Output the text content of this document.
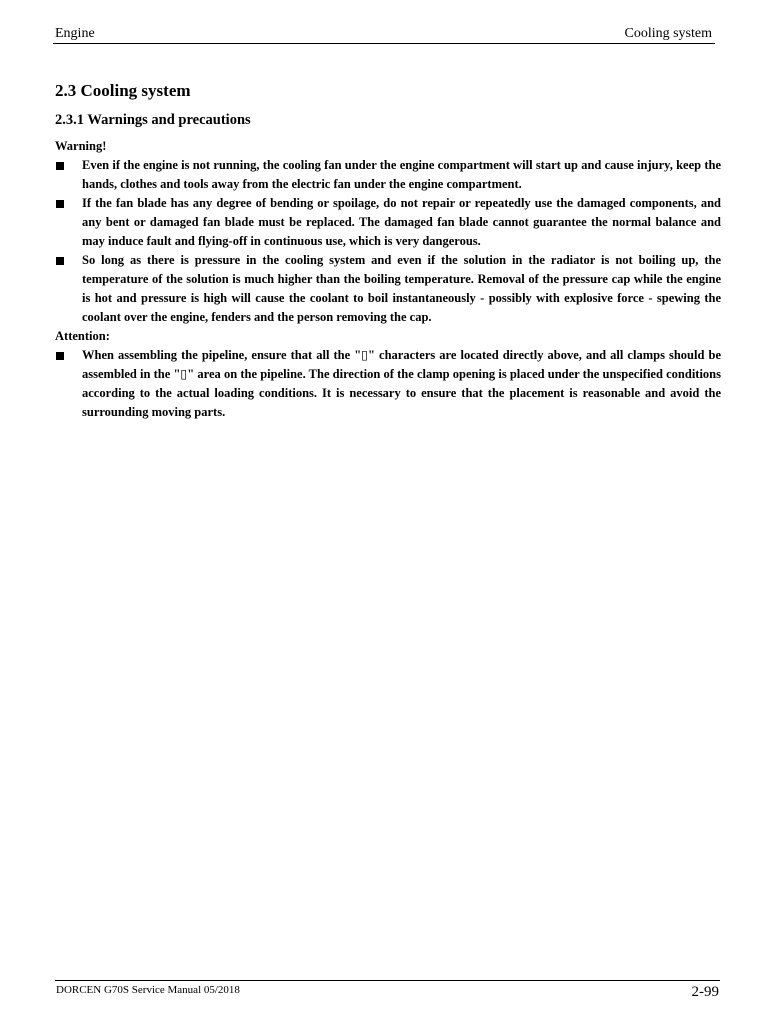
Engine	Cooling system
2.3 Cooling system
2.3.1 Warnings and precautions

Warning!

Even if the engine is not running, the cooling fan under the engine compartment will start up and cause injury, keep the hands, clothes and tools away from the electric fan under the engine compartment.
If the fan blade has any degree of bending or spoilage, do not repair or repeatedly use the damaged components, and any bent or damaged fan blade must be replaced. The damaged fan blade cannot guarantee the normal balance and may induce fault and flying-off in continuous use, which is very dangerous.
So long as there is pressure in the cooling system and even if the solution in the radiator is not boiling up, the temperature of the solution is much higher than the boiling temperature. Removal of the pressure cap while the engine is hot and pressure is high will cause the coolant to boil instantaneously - possibly with explosive force - spewing the coolant over the engine, fenders and the person removing the cap.

Attention:

When assembling the pipeline, ensure that all the "▯" characters are located directly above, and all clamps should be assembled in the "▯" area on the pipeline. The direction of the clamp opening is placed under the unspecified conditions according to the actual loading conditions. It is necessary to ensure that the placement is reasonable and avoid the surrounding moving parts.
DORCEN G70S Service Manual 05/2018	2-99
